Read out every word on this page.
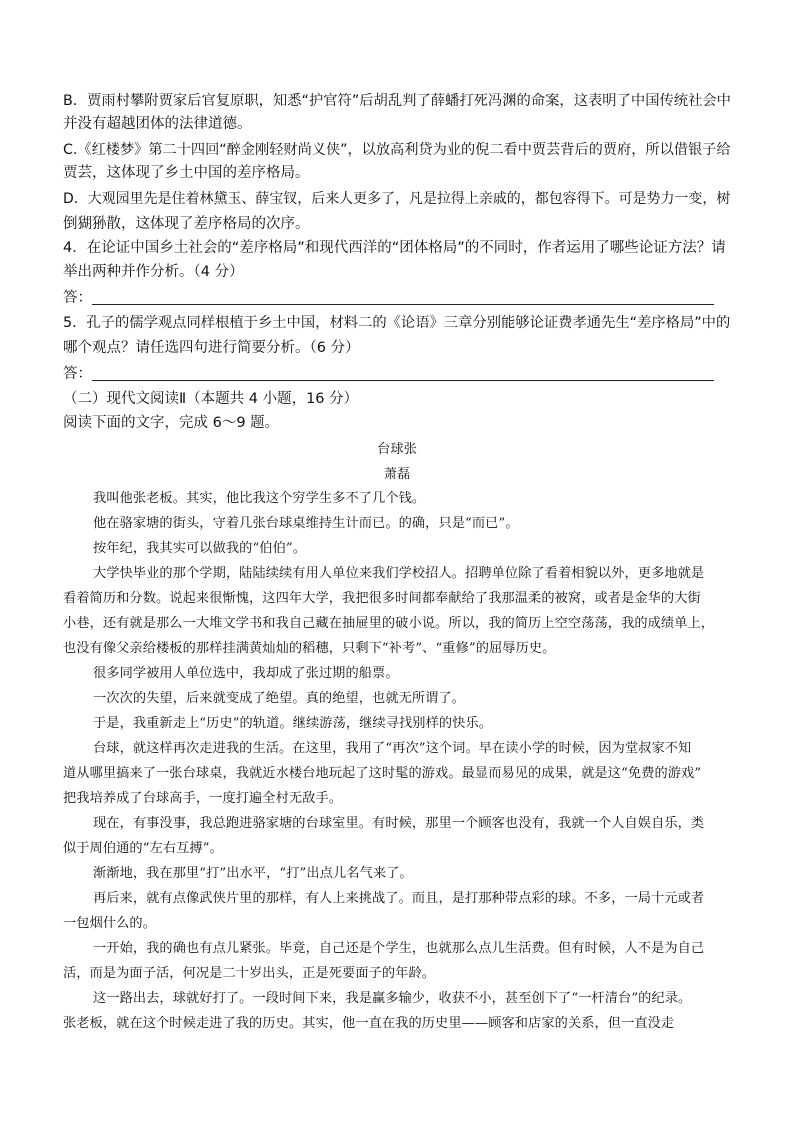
B．贾雨村攀附贾家后官复原职，知悉“护官符”后胡乱判了薛蟠打死冯渊的命案，这表明了中国传统社会中
并没有超越团体的法律道德。
C.《红楼梦》第二十四回“醉金刚轻财尚义侠”，以放高利贷为业的倪二看中贾芸背后的贾府，所以借银子给
贾芸，这体现了乡土中国的差序格局。
D．大观园里先是住着林黛玉、薛宝钗，后来人更多了，凡是拉得上亲戚的，都包容得下。可是势力一变，树
倒猢狲散，这体现了差序格局的次序。
4．在论证中国乡土社会的“差序格局”和现代西洋的“团体格局”的不同时，作者运用了哪些论证方法？请
举出两种并作分析。（4 分）
答：
5．孔子的儒学观点同样根植于乡土中国，材料二的《论语》三章分别能够论证费孝通先生“差序格局”中的
哪个观点？请任选四句进行简要分析。（6 分）
答：
（二）现代文阅读Ⅱ（本题共 4 小题，16 分）
阅读下面的文字，完成 6～9 题。
台球张
萧磊
我叫他张老板。其实，他比我这个穷学生多不了几个钱。
他在骆家塘的街头，守着几张台球桌维持生计而已。的确，只是“而已”。
按年纪，我其实可以做我的“伯伯”。
大学快毕业的那个学期，陆陆续续有用人单位来我们学校招人。招聘单位除了看着相貌以外，更多地就是
看着简历和分数。说起来很惭愧，这四年大学，我把很多时间都奉献给了我那温柔的被窝，或者是金华的大街
小巷，还有就是那么一大堆文学书和我自己藏在抽屉里的破小说。所以，我的简历上空空荡荡，我的成绩单上，
也没有像父亲给楼板的那样挂满黄灿灿的稻穗，只剩下“补考”、“重修”的屈辱历史。
很多同学被用人单位选中，我却成了张过期的船票。
一次次的失望，后来就变成了绝望。真的绝望，也就无所谓了。
于是，我重新走上“历史”的轨道。继续游荡，继续寻找别样的快乐。
台球，就这样再次走进我的生活。在这里，我用了“再次”这个词。早在读小学的时候，因为堂叔家不知
道从哪里搞来了一张台球桌，我就近水楼台地玩起了这时髦的游戏。最显而易见的成果，就是这“免费的游戏”
把我培养成了台球高手，一度打遍全村无敌手。
现在，有事没事，我总跑进骆家塘的台球室里。有时候，那里一个顾客也没有，我就一个人自娱自乐，类
似于周伯通的“左右互搏”。
渐渐地，我在那里“打”出水平，“打”出点儿名气来了。
再后来，就有点像武侠片里的那样，有人上来挑战了。而且，是打那种带点彩的球。不多，一局十元或者
一包烟什么的。
一开始，我的确也有点儿紧张。毕竟，自己还是个学生，也就那么点儿生活费。但有时候，人不是为自己
活，而是为面子活，何况是二十岁出头，正是死要面子的年龄。
这一路出去，球就好打了。一段时间下来，我是赢多输少，收获不小，甚至创下了“一杆清台”的纪录。
张老板，就在这个时候走进了我的历史。其实，他一直在我的历史里——顾客和店家的关系，但一直没走
